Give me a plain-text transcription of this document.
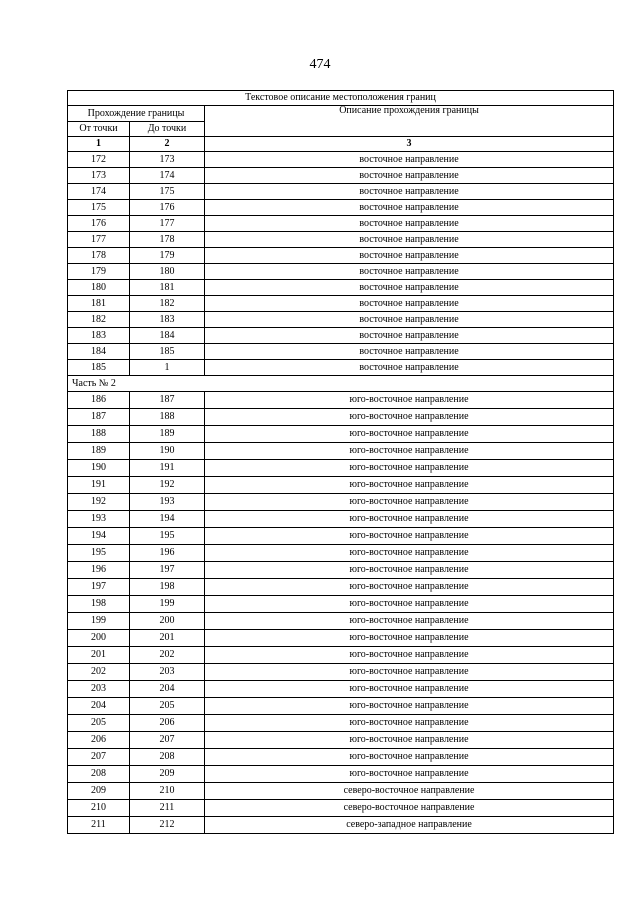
474
Текстовое описание местоположения границ		
Прохождение границы		Описание прохождения границы
От точки	До точки	
1	2	3
172	173	восточное направление
173	174	восточное направление
174	175	восточное направление
175	176	восточное направление
176	177	восточное направление
177	178	восточное направление
178	179	восточное направление
179	180	восточное направление
180	181	восточное направление
181	182	восточное направление
182	183	восточное направление
183	184	восточное направление
184	185	восточное направление
185	1	восточное направление
Часть № 2		
186	187	юго-восточное направление
187	188	юго-восточное направление
188	189	юго-восточное направление
189	190	юго-восточное направление
190	191	юго-восточное направление
191	192	юго-восточное направление
192	193	юго-восточное направление
193	194	юго-восточное направление
194	195	юго-восточное направление
195	196	юго-восточное направление
196	197	юго-восточное направление
197	198	юго-восточное направление
198	199	юго-восточное направление
199	200	юго-восточное направление
200	201	юго-восточное направление
201	202	юго-восточное направление
202	203	юго-восточное направление
203	204	юго-восточное направление
204	205	юго-восточное направление
205	206	юго-восточное направление
206	207	юго-восточное направление
207	208	юго-восточное направление
208	209	юго-восточное направление
209	210	северо-восточное направление
210	211	северо-восточное направление
211	212	северо-западное направление
